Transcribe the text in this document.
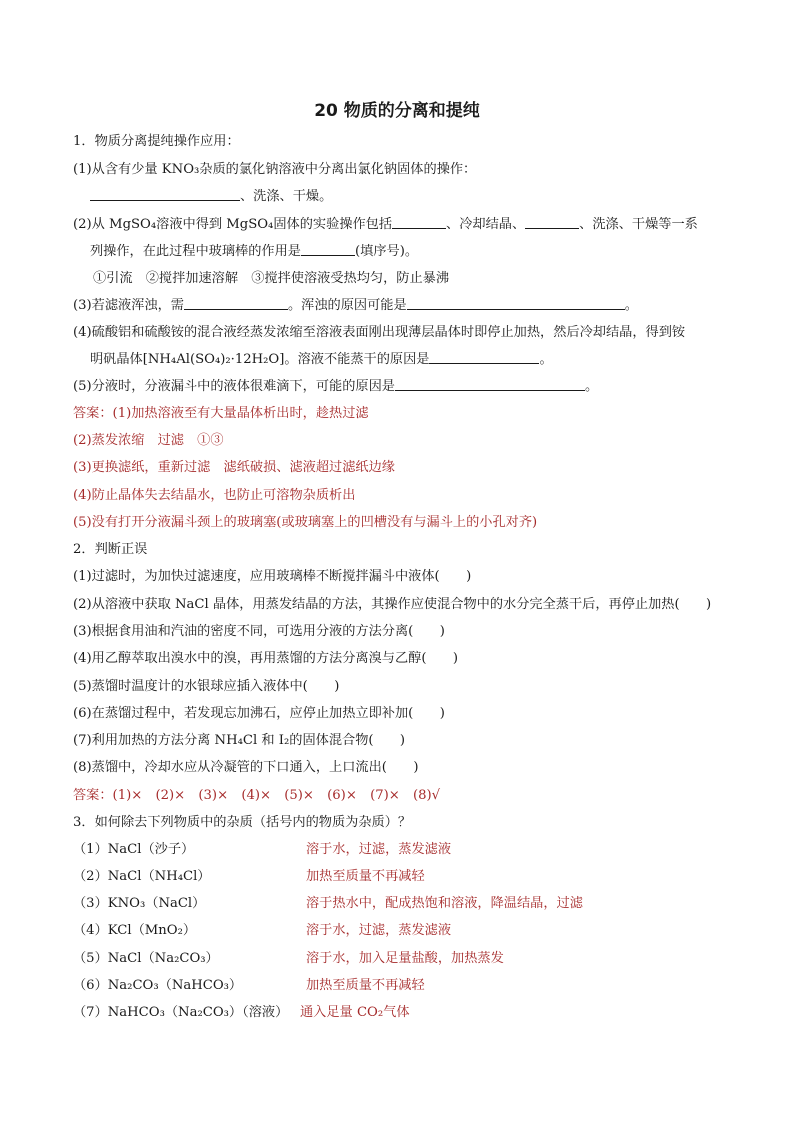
20 物质的分离和提纯
1．物质分离提纯操作应用：
(1)从含有少量 KNO₃杂质的氯化钠溶液中分离出氯化钠固体的操作：
、洗涤、干燥。
(2)从 MgSO₄溶液中得到 MgSO₄固体的实验操作包括	、冷却结晶、	、洗涤、干燥等一系
列操作，在此过程中玻璃棒的作用是	(填序号)。
①引流　②搅拌加速溶解　③搅拌使溶液受热均匀，防止暴沸
(3)若滤液浑浊，需	。浑浊的原因可能是	。
(4)硫酸铝和硫酸铵的混合液经蒸发浓缩至溶液表面刚出现薄层晶体时即停止加热，然后冷却结晶，得到铵
明矾晶体[NH₄Al(SO₄)₂·12H₂O]。溶液不能蒸干的原因是	。
(5)分液时，分液漏斗中的液体很难滴下，可能的原因是	。
答案：(1)加热溶液至有大量晶体析出时，趁热过滤
(2)蒸发浓缩　过滤　①③
(3)更换滤纸，重新过滤　滤纸破损、滤液超过滤纸边缘
(4)防止晶体失去结晶水，也防止可溶物杂质析出
(5)没有打开分液漏斗颈上的玻璃塞(或玻璃塞上的凹槽没有与漏斗上的小孔对齐)
2．判断正误
(1)过滤时，为加快过滤速度，应用玻璃棒不断搅拌漏斗中液体(　　)
(2)从溶液中获取 NaCl 晶体，用蒸发结晶的方法，其操作应使混合物中的水分完全蒸干后，再停止加热(　　)
(3)根据食用油和汽油的密度不同，可选用分液的方法分离(　　)
(4)用乙醇萃取出溴水中的溴，再用蒸馏的方法分离溴与乙醇(　　)
(5)蒸馏时温度计的水银球应插入液体中(　　)
(6)在蒸馏过程中，若发现忘加沸石，应停止加热立即补加(　　)
(7)利用加热的方法分离 NH₄Cl 和 I₂的固体混合物(　　)
(8)蒸馏中，冷却水应从冷凝管的下口通入，上口流出(　　)
答案：(1)×　(2)×　(3)×　(4)×　(5)×　(6)×　(7)×　(8)√
3．如何除去下列物质中的杂质（括号内的物质为杂质）？
（1）NaCl（沙子）	溶于水，过滤，蒸发滤液
（2）NaCl（NH₄Cl）	加热至质量不再减轻
（3）KNO₃（NaCl）	溶于热水中，配成热饱和溶液，降温结晶，过滤
（4）KCl（MnO₂）	溶于水，过滤，蒸发滤液
（5）NaCl（Na₂CO₃）	溶于水，加入足量盐酸，加热蒸发
（6）Na₂CO₃（NaHCO₃）	加热至质量不再减轻
（7）NaHCO₃（Na₂CO₃）（溶液） 通入足量 CO₂气体
